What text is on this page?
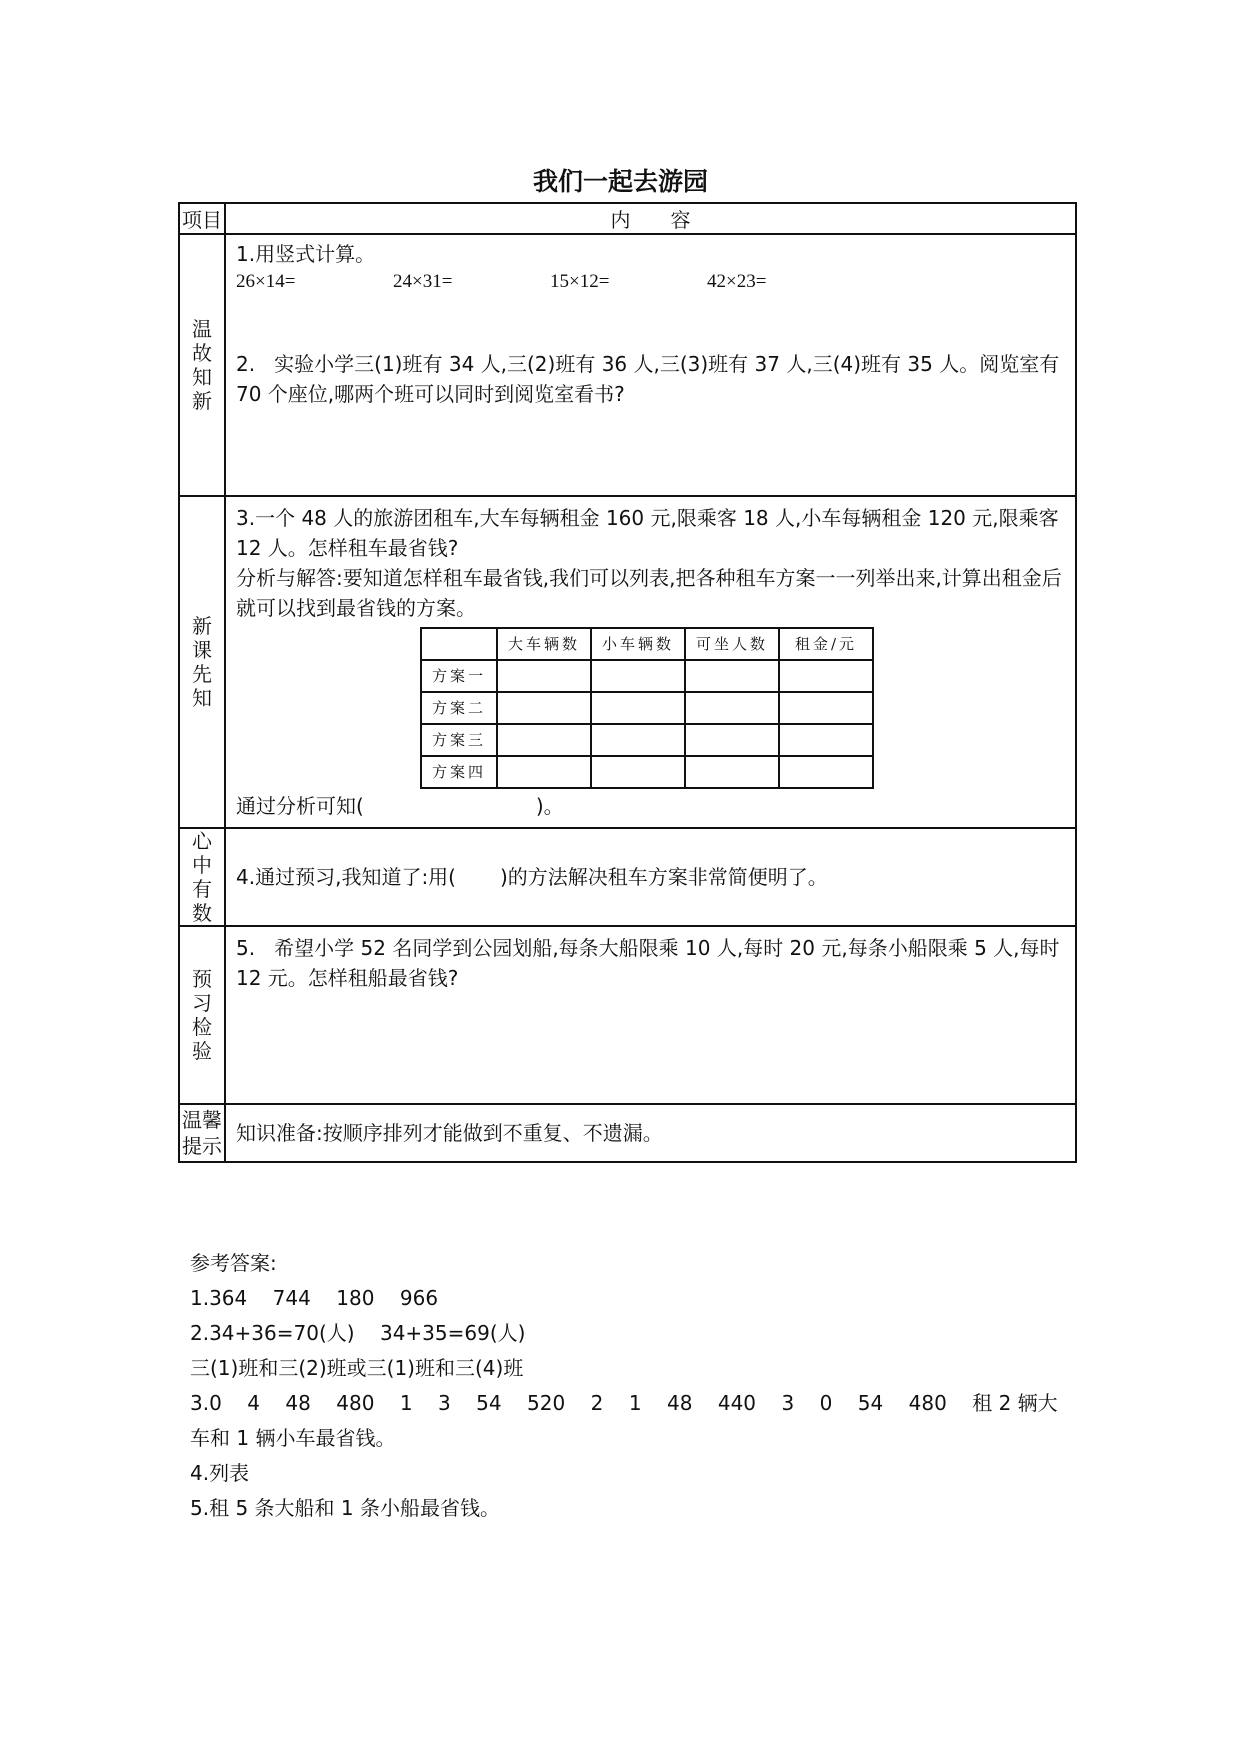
我们一起去游园
项目	内　　容

温
故
知
新

1.用竖式计算。
26×14=	24×31=	15×12=	42×23=
2.   实验小学三(1)班有 34 人,三(2)班有 36 人,三(3)班有 37 人,三(4)班有 35 人。阅览室有 70 个座位,哪两个班可以同时到阅览室看书?

新
课
先
知

3.一个 48 人的旅游团租车,大车每辆租金 160 元,限乘客 18 人,小车每辆租金 120 元,限乘客 12 人。怎样租车最省钱?
分析与解答:要知道怎样租车最省钱,我们可以列表,把各种租车方案一一列举出来,计算出租金后就可以找到最省钱的方案。
	大车辆数	小车辆数	可坐人数	租金/元
方案一				
方案二				
方案三				
方案四				
通过分析可知(	)。

心
中
有
数

4.通过预习,我知道了:用( )的方法解决租车方案非常简便明了。

预
习
检
验

5.   希望小学 52 名同学到公园划船,每条大船限乘 10 人,每时 20 元,每条小船限乘 5 人,每时 12 元。怎样租船最省钱?

温馨
提示

知识准备:按顺序排列才能做到不重复、不遗漏。
参考答案:
1.364    744    180    966
2.34+36=70(人)    34+35=69(人)
三(1)班和三(2)班或三(1)班和三(4)班
3.0    4    48    480    1    3    54    520    2    1    48    440    3    0    54    480    租 2 辆大车和 1 辆小车最省钱。
4.列表
5.租 5 条大船和 1 条小船最省钱。
